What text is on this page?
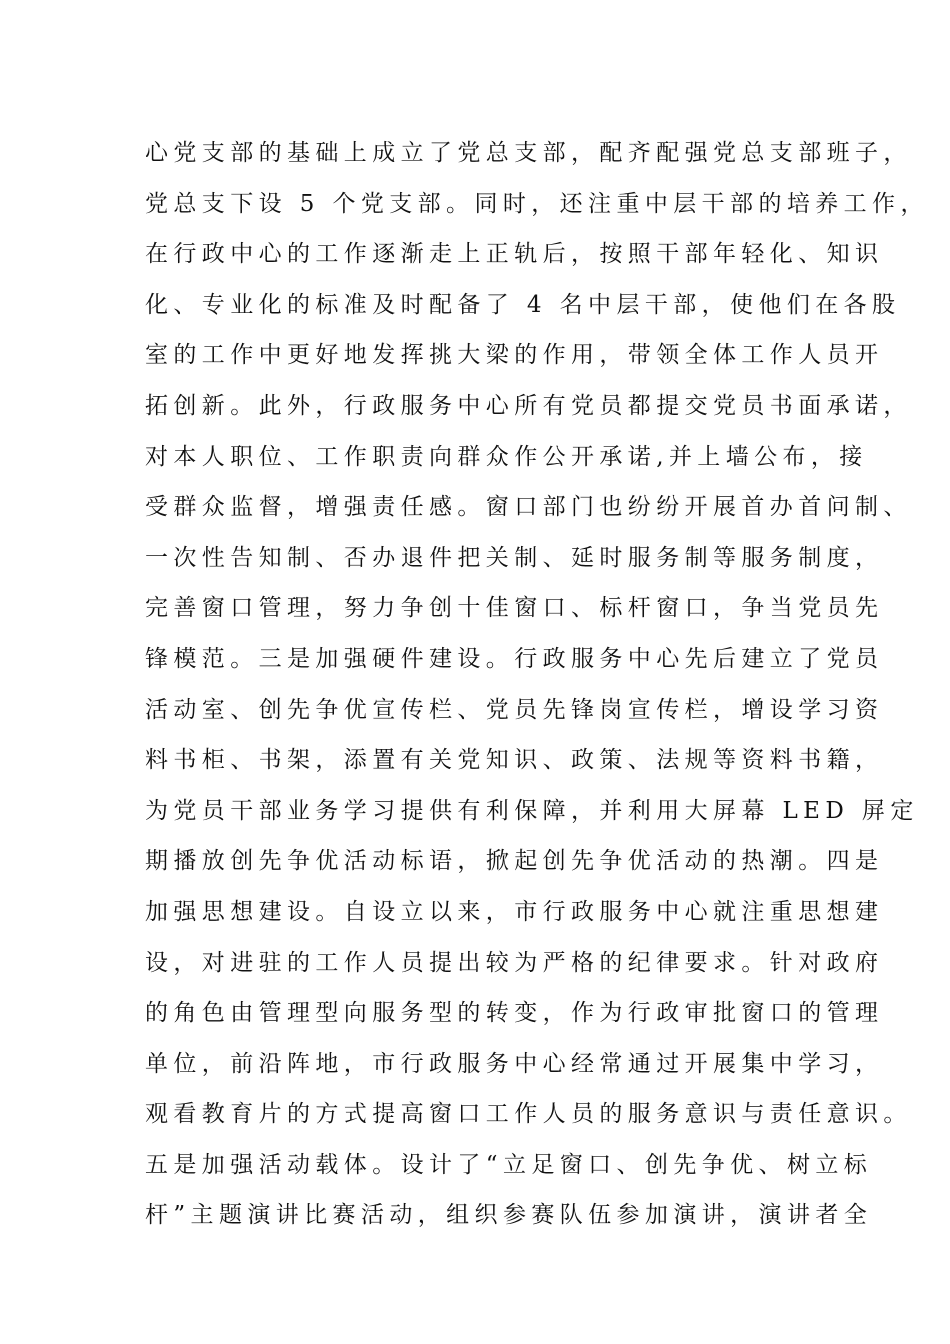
心党支部的基础上成立了党总支部，配齐配强党总支部班子，
党总支下设 5 个党支部。同时，还注重中层干部的培养工作，
在行政中心的工作逐渐走上正轨后，按照干部年轻化、知识
化、专业化的标准及时配备了 4 名中层干部，使他们在各股
室的工作中更好地发挥挑大梁的作用，带领全体工作人员开
拓创新。此外，行政服务中心所有党员都提交党员书面承诺，
对本人职位、工作职责向群众作公开承诺,并上墙公布，接
受群众监督，增强责任感。窗口部门也纷纷开展首办首问制、
一次性告知制、否办退件把关制、延时服务制等服务制度，
完善窗口管理，努力争创十佳窗口、标杆窗口，争当党员先
锋模范。三是加强硬件建设。行政服务中心先后建立了党员
活动室、创先争优宣传栏、党员先锋岗宣传栏，增设学习资
料书柜、书架，添置有关党知识、政策、法规等资料书籍，
为党员干部业务学习提供有利保障，并利用大屏幕 LED 屏定
期播放创先争优活动标语，掀起创先争优活动的热潮。四是
加强思想建设。自设立以来，市行政服务中心就注重思想建
设，对进驻的工作人员提出较为严格的纪律要求。针对政府
的角色由管理型向服务型的转变，作为行政审批窗口的管理
单位，前沿阵地，市行政服务中心经常通过开展集中学习，
观看教育片的方式提高窗口工作人员的服务意识与责任意识。
五是加强活动载体。设计了“立足窗口、创先争优、树立标
杆”主题演讲比赛活动，组织参赛队伍参加演讲，演讲者全
